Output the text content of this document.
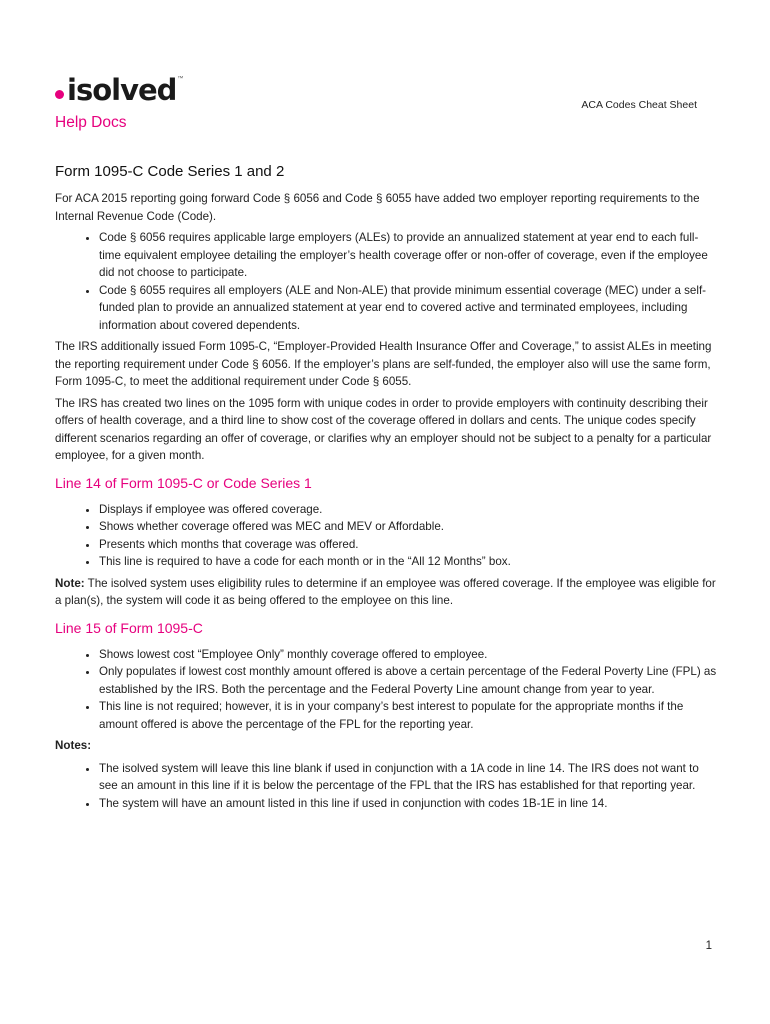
isolved ™
Help Docs
ACA Codes Cheat Sheet
Form 1095-C Code Series 1 and 2

For ACA 2015 reporting going forward Code § 6056 and Code § 6055 have added two employer reporting requirements to the Internal Revenue Code (Code).

• Code § 6056 requires applicable large employers (ALEs) to provide an annualized statement at year end to each full-time equivalent employee detailing the employer’s health coverage offer or non-offer of coverage, even if the employee did not choose to participate.
• Code § 6055 requires all employers (ALE and Non-ALE) that provide minimum essential coverage (MEC) under a self-funded plan to provide an annualized statement at year end to covered active and terminated employees, including information about covered dependents.

The IRS additionally issued Form 1095-C, “Employer-Provided Health Insurance Offer and Coverage,” to assist ALEs in meeting the reporting requirement under Code § 6056. If the employer’s plans are self-funded, the employer also will use the same form, Form 1095-C, to meet the additional requirement under Code § 6055.

The IRS has created two lines on the 1095 form with unique codes in order to provide employers with continuity describing their offers of health coverage, and a third line to show cost of the coverage offered in dollars and cents. The unique codes specify different scenarios regarding an offer of coverage, or clarifies why an employer should not be subject to a penalty for a particular employee, for a given month.

Line 14 of Form 1095-C or Code Series 1
• Displays if employee was offered coverage.
• Shows whether coverage offered was MEC and MEV or Affordable.
• Presents which months that coverage was offered.
• This line is required to have a code for each month or in the “All 12 Months” box.

Note: The isolved system uses eligibility rules to determine if an employee was offered coverage. If the employee was eligible for a plan(s), the system will code it as being offered to the employee on this line.

Line 15 of Form 1095-C
• Shows lowest cost “Employee Only” monthly coverage offered to employee.
• Only populates if lowest cost monthly amount offered is above a certain percentage of the Federal Poverty Line (FPL) as established by the IRS. Both the percentage and the Federal Poverty Line amount change from year to year.
• This line is not required; however, it is in your company’s best interest to populate for the appropriate months if the amount offered is above the percentage of the FPL for the reporting year.
Notes:
• The isolved system will leave this line blank if used in conjunction with a 1A code in line 14. The IRS does not want to see an amount in this line if it is below the percentage of the FPL that the IRS has established for that reporting year.
• The system will have an amount listed in this line if used in conjunction with codes 1B-1E in line 14.
1
